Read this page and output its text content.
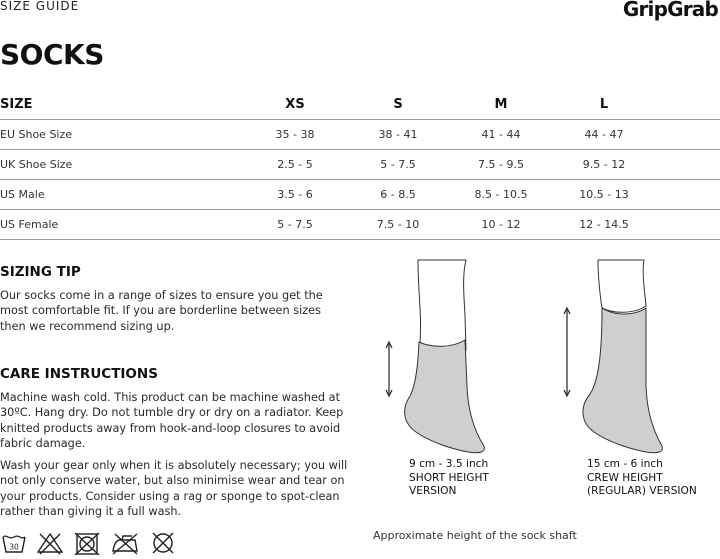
SIZE GUIDE	GripGrab
SOCKS
SIZE	XS	S	M	L	
EU Shoe Size	35 - 38	38 - 41	41 - 44	44 - 47	
UK Shoe Size	2.5 - 5	5 - 7.5	7.5 - 9.5	9.5 - 12	
US Male	3.5 - 6	6 - 8.5	8.5 - 10.5	10.5 - 13	
US Female	5 - 7.5	7.5 - 10	10 - 12	12 - 14.5	
SIZING TIP
Our socks come in a range of sizes to ensure you get the most comfortable fit. If you are borderline between sizes then we recommend sizing up.
CARE INSTRUCTIONS
Machine wash cold. This product can be machine washed at 30ºC. Hang dry. Do not tumble dry or dry on a radiator. Keep knitted products away from hook-and-loop closures to avoid fabric damage.
Wash your gear only when it is absolutely necessary; you will not only conserve water, but also minimise wear and tear on your products. Consider using a rag or sponge to spot-clean rather than giving it a full wash.
30
9 cm - 3.5 inch
SHORT HEIGHT
VERSION
15 cm - 6 inch
CREW HEIGHT
(REGULAR) VERSION
Approximate height of the sock shaft
